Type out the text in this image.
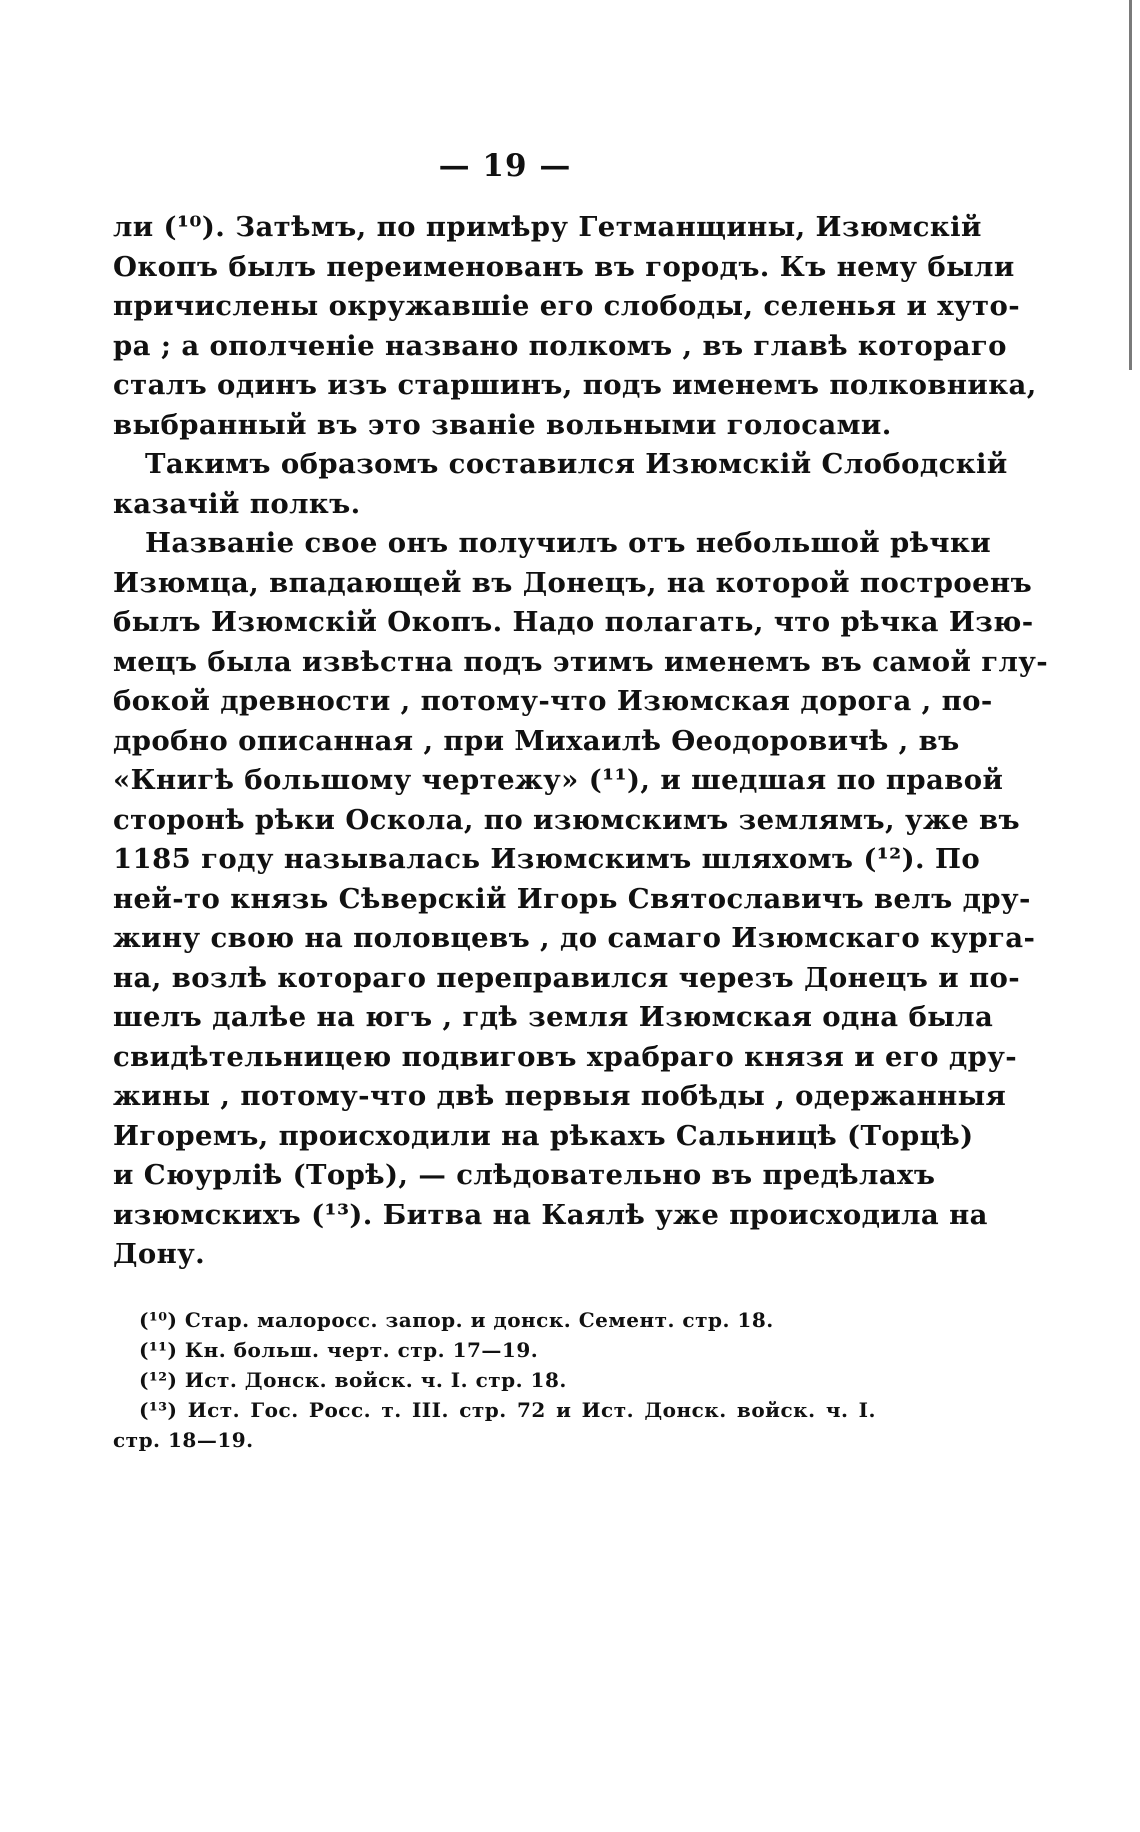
— 19 —
ли (¹⁰). Затѣмъ, по примѣру Гетманщины, Изюмскій
Окопъ былъ переименованъ въ городъ. Къ нему были
причислены окружавшіе его слободы, селенья и хуто-
ра ; а ополченіе названо полкомъ , въ главѣ котораго
сталъ одинъ изъ старшинъ, подъ именемъ полковника,
выбранный въ это званіе вольными голосами.
Такимъ образомъ составился Изюмскій Слободскій
казачій полкъ.
Названіе свое онъ получилъ отъ небольшой рѣчки
Изюмца, впадающей въ Донецъ, на которой построенъ
былъ Изюмскій Окопъ. Надо полагать, что рѣчка Изю-
мецъ была извѣстна подъ этимъ именемъ въ самой глу-
бокой древности , потому-что Изюмская дорога , по-
дробно описанная , при Михаилѣ Ѳеодоровичѣ , въ
«Книгѣ большому чертежу» (¹¹), и шедшая по правой
сторонѣ рѣки Оскола, по изюмскимъ землямъ, уже въ
1185 году называлась Изюмскимъ шляхомъ (¹²). По
ней-то князь Сѣверскій Игорь Святославичъ велъ дру-
жину свою на половцевъ , до самаго Изюмскаго курга-
на, возлѣ котораго переправился черезъ Донецъ и по-
шелъ далѣе на югъ , гдѣ земля Изюмская одна была
свидѣтельницею подвиговъ храбраго князя и его дру-
жины , потому-что двѣ первыя побѣды , одержанныя
Игоремъ, происходили на рѣкахъ Сальницѣ (Торцѣ)
и Сюурлiѣ (Торѣ), — слѣдовательно въ предѣлахъ
изюмскихъ (¹³). Битва на Каялѣ уже происходила на
Дону.
(¹⁰) Стар. малоросс. запор. и донск. Семент. стр. 18.
(¹¹) Кн. больш. черт. стр. 17—19.
(¹²) Ист. Донск. войск. ч. I. стр. 18.
(¹³) Ист. Гос. Росс. т. III. стр. 72 и Ист. Донск. войск. ч. I.
стр. 18—19.
